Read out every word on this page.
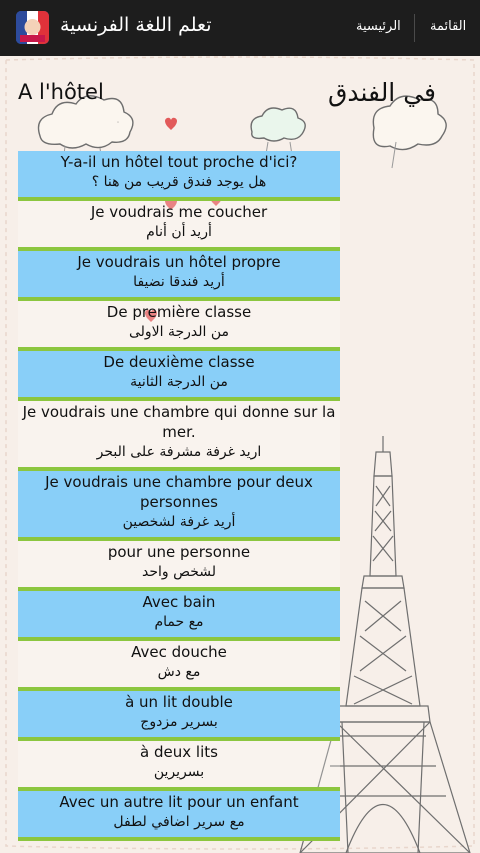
تعلم اللغة الفرنسية	الرئيسية القائمة
A l'hôtel	في الفندق
Y-a-il un hôtel tout proche d'ici?
هل يوجد فندق قريب من هنا ؟
Je voudrais me coucher
أريد أن أنام
Je voudrais un hôtel propre
أريد فندقا نضيفا
De première classe
من الدرجة الاولى
De deuxième classe
من الدرجة الثانية
Je voudrais une chambre qui donne sur la mer.
اريد غرفة مشرفة على البحر
Je voudrais une chambre pour deux personnes
أريد غرفة لشخصين
pour une personne
لشخص واحد
Avec bain
مع حمام
Avec douche
مع دش
à un lit double
بسرير مزدوج
à deux lits
بسريرين
Avec un autre lit pour un enfant
مع سرير اضافي لطفل
